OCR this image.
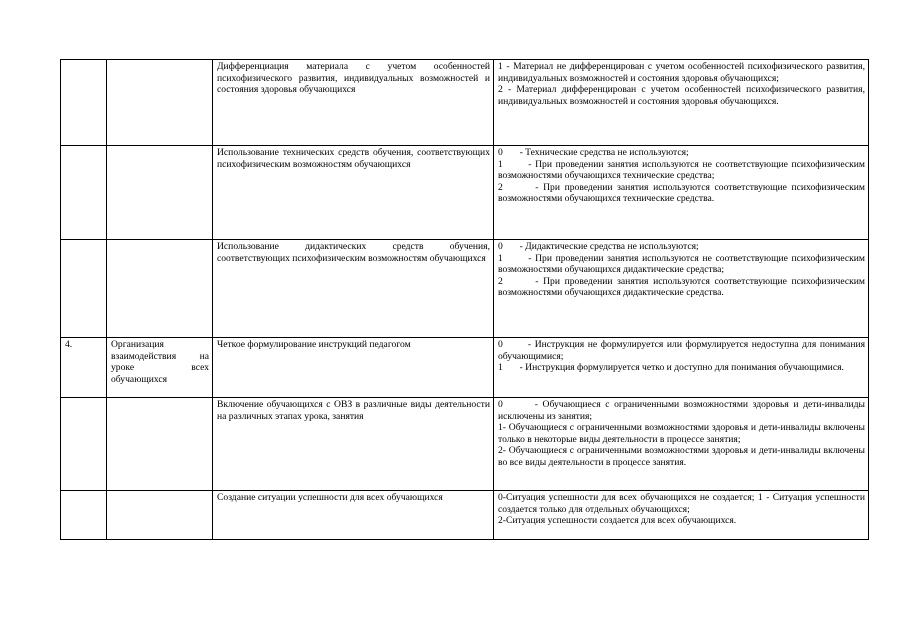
		Дифференциация материала с учетом особенностей психофизического развития, индивидуальных возможностей и состояния здоровья обучающихся	1 - Материал не дифференцирован с учетом особенностей психофизического развития, индивидуальных возможностей и состояния здоровья обучающихся;
2 - Материал дифференцирован с учетом особенностей психофизического развития, индивидуальных возможностей и состояния здоровья обучающихся.

		Использование технических средств обучения, соответствующих психофизическим возможностям обучающихся	0       - Технические средства не используются;
1       - При проведении занятия используются не соответствующие психофизическим возможностями обучающихся технические средства;
2       - При проведении занятия используются соответствующие психофизическим возможностями обучающихся технические средства.

		Использование дидактических средств обучения, соответствующих психофизическим возможностям обучающихся	0       - Дидактические средства не используются;
1       - При проведении занятия используются не соответствующие психофизическим возможностями обучающихся дидактические средства;
2       - При проведении занятия используются соответствующие психофизическим возможностями обучающихся дидактические средства.

4.	Организация взаимодействия на уроке всех обучающихся	Четкое формулирование инструкций педагогом	0       - Инструкция не формулируется или формулируется недоступна для понимания обучающимися;
1       - Инструкция формулируется четко и доступно для понимания обучающимися.

		Включение обучающихся с ОВЗ в различные виды деятельности на различных этапах урока, занятия	0       - Обучающиеся с ограниченными возможностями здоровья и дети-инвалиды исключены из занятия;
1- Обучающиеся с ограниченными возможностями здоровья и дети-инвалиды включены только в некоторые виды деятельности в процессе занятия;
2- Обучающиеся с ограниченными возможностями здоровья и дети-инвалиды включены во все виды деятельности в процессе занятия.

		Создание ситуации успешности для всех обучающихся	0-Ситуация успешности для всех обучающихся не создается; 1 - Ситуация успешности создается только для отдельных обучающихся;
2-Ситуация успешности создается для всех обучающихся.
